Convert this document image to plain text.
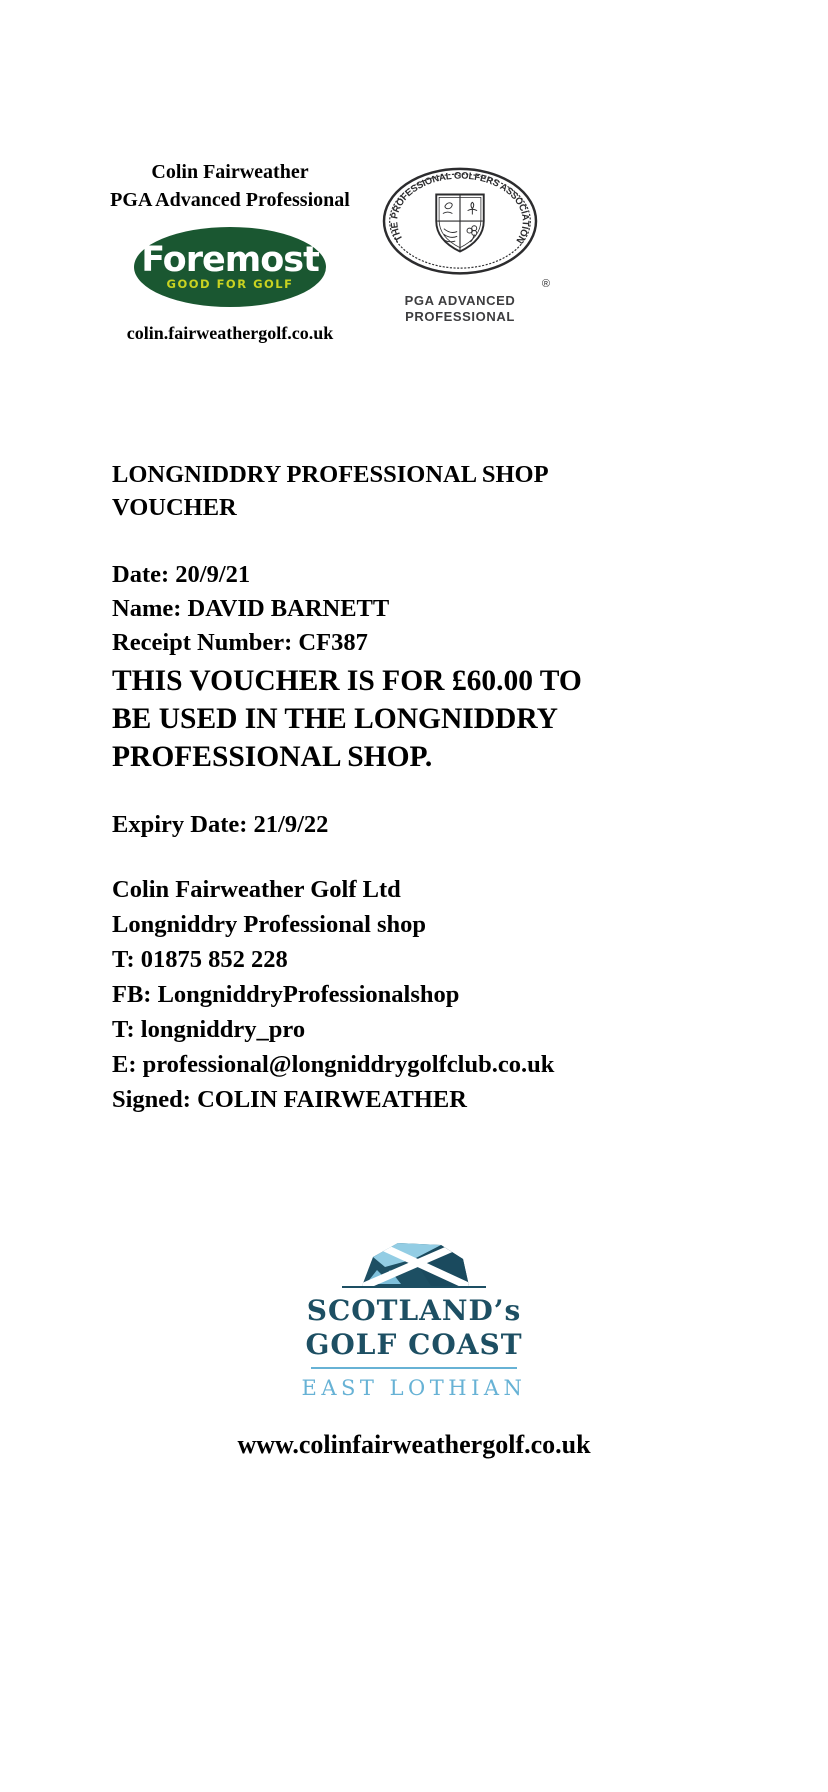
Colin Fairweather
PGA Advanced Professional
Foremost
GOOD FOR GOLF
colin.fairweathergolf.co.uk
THE PROFESSIONAL GOLFERS ASSOCIATION
®
PGA ADVANCED
PROFESSIONAL
LONGNIDDRY PROFESSIONAL SHOP
VOUCHER
Date: 20/9/21
Name: DAVID BARNETT
Receipt Number: CF387
THIS VOUCHER IS FOR £60.00 TO
BE USED IN THE LONGNIDDRY
PROFESSIONAL SHOP.
Expiry Date: 21/9/22
Colin Fairweather Golf Ltd
Longniddry Professional shop
T: 01875 852 228
FB: LongniddryProfessionalshop
T: longniddry_pro
E: professional@longniddrygolfclub.co.uk
Signed: COLIN FAIRWEATHER
SCOTLAND’s
GOLF COAST
EAST LOTHIAN
www.colinfairweathergolf.co.uk
